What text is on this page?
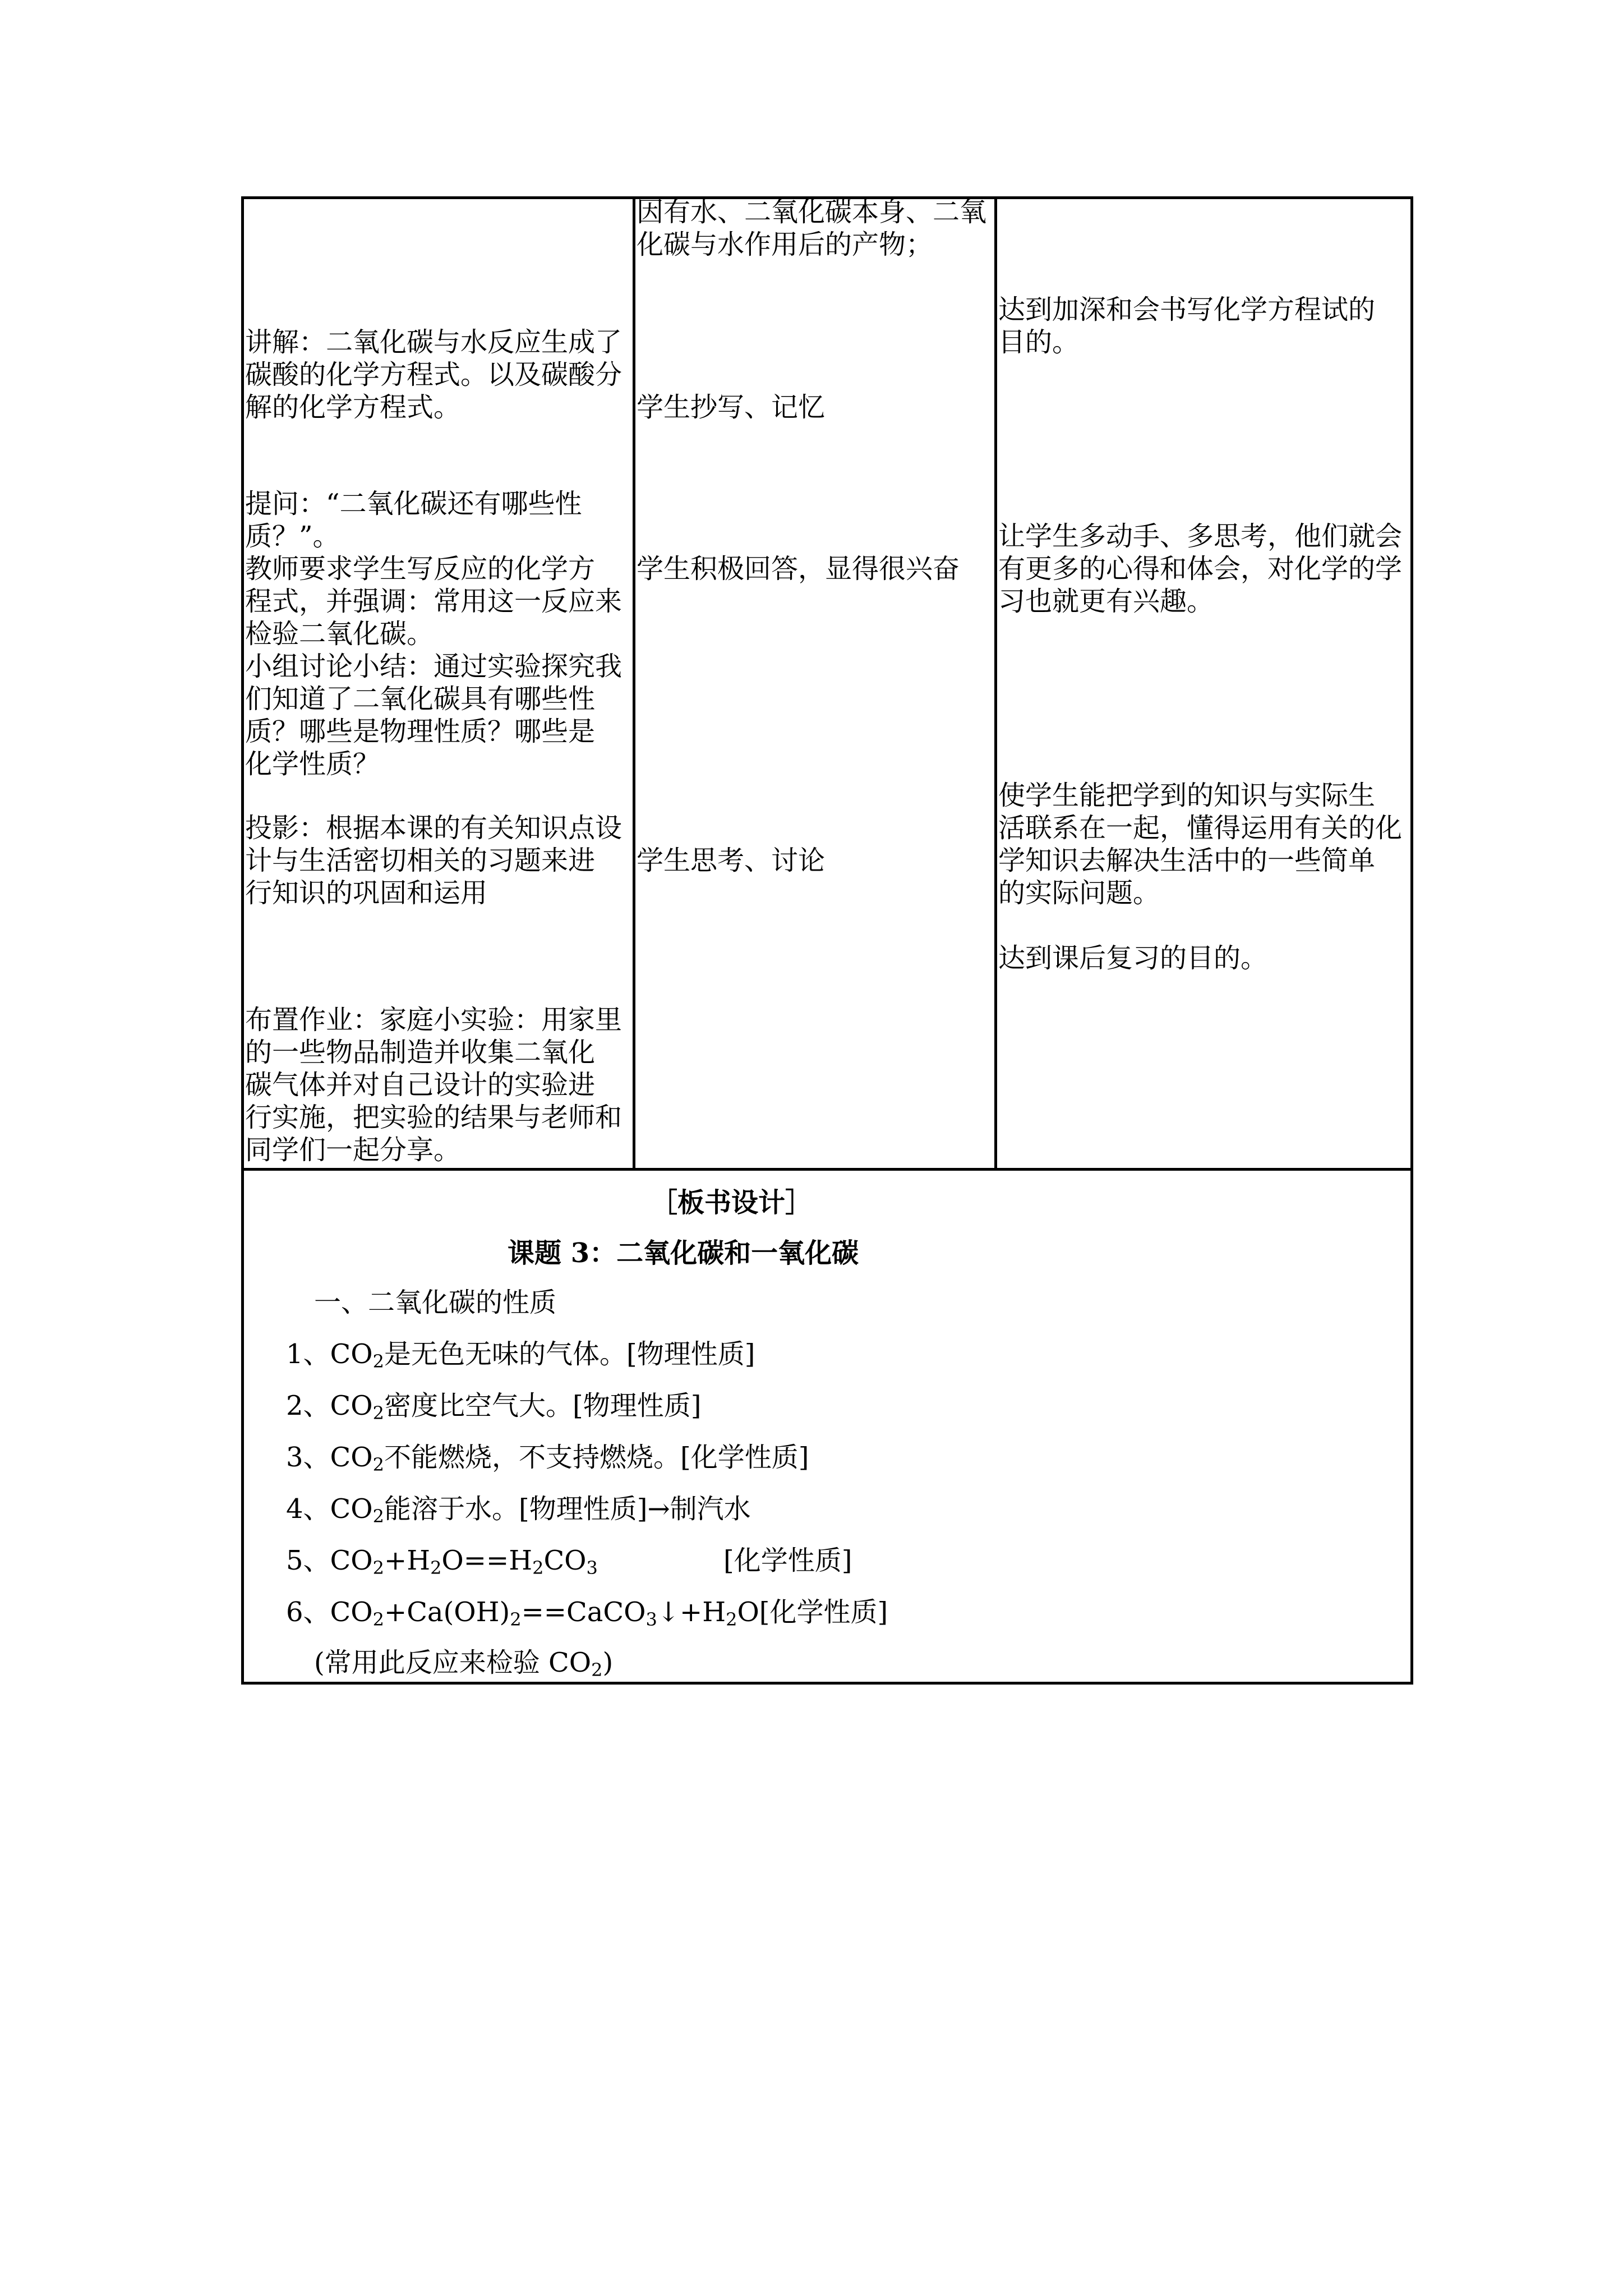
讲解：二氧化碳与水反应生成了
碳酸的化学方程式。以及碳酸分
解的化学方程式。
提问：“二氧化碳还有哪些性
质？”。
教师要求学生写反应的化学方
程式，并强调：常用这一反应来
检验二氧化碳。
小组讨论小结：通过实验探究我
们知道了二氧化碳具有哪些性
质？哪些是物理性质？哪些是
化学性质？
投影：根据本课的有关知识点设
计与生活密切相关的习题来进
行知识的巩固和运用
布置作业：家庭小实验：用家里
的一些物品制造并收集二氧化
碳气体并对自己设计的实验进
行实施，把实验的结果与老师和
同学们一起分享。
因有水、二氧化碳本身、二氧
化碳与水作用后的产物；
学生抄写、记忆
学生积极回答，显得很兴奋
学生思考、讨论
达到加深和会书写化学方程试的
目的。
让学生多动手、多思考，他们就会
有更多的心得和体会，对化学的学
习也就更有兴趣。
使学生能把学到的知识与实际生
活联系在一起，懂得运用有关的化
学知识去解决生活中的一些简单
的实际问题。
达到课后复习的目的。
［板书设计］
课题 3：二氧化碳和一氧化碳
一、二氧化碳的性质
1、$CO_2$是无色无味的气体。[物理性质]
2、$CO_2$密度比空气大。[物理性质]
3、$CO_2$不能燃烧，不支持燃烧。[化学性质]
4、$CO_2$能溶于水。[物理性质]→制汽水
5、$CO_2+H_2O==H_2CO_3$	[化学性质]
6、$CO_2+Ca(OH)_2==CaCO_3↓+H_2O$[化学性质]
(常用此反应来检验 $CO_2$)
